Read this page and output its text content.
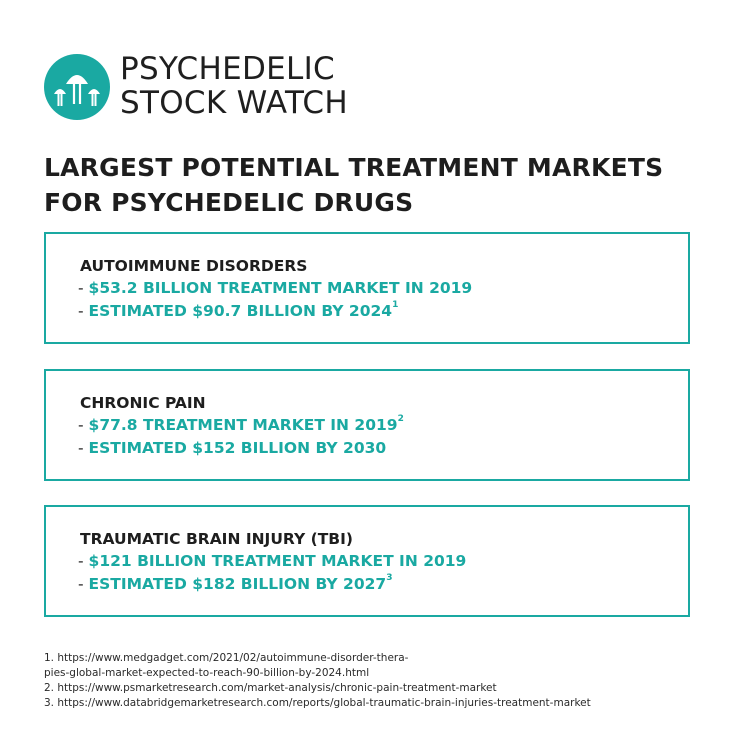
PSYCHEDELIC
STOCK WATCH
LARGEST POTENTIAL TREATMENT MARKETS
FOR PSYCHEDELIC DRUGS
AUTOIMMUNE DISORDERS
- $53.2 BILLION TREATMENT MARKET IN 2019
- ESTIMATED $90.7 BILLION BY 2024$^1$
CHRONIC PAIN
- $77.8 TREATMENT MARKET IN 2019$^2$
- ESTIMATED $152 BILLION BY 2030
TRAUMATIC BRAIN INJURY (TBI)
- $121 BILLION TREATMENT MARKET IN 2019
- ESTIMATED $182 BILLION BY 2027$^3$
1. https://www.medgadget.com/2021/02/autoimmune-disorder-thera-
pies-global-market-expected-to-reach-90-billion-by-2024.html
2. https://www.psmarketresearch.com/market-analysis/chronic-pain-treatment-market
3. https://www.databridgemarketresearch.com/reports/global-traumatic-brain-injuries-treatment-market
